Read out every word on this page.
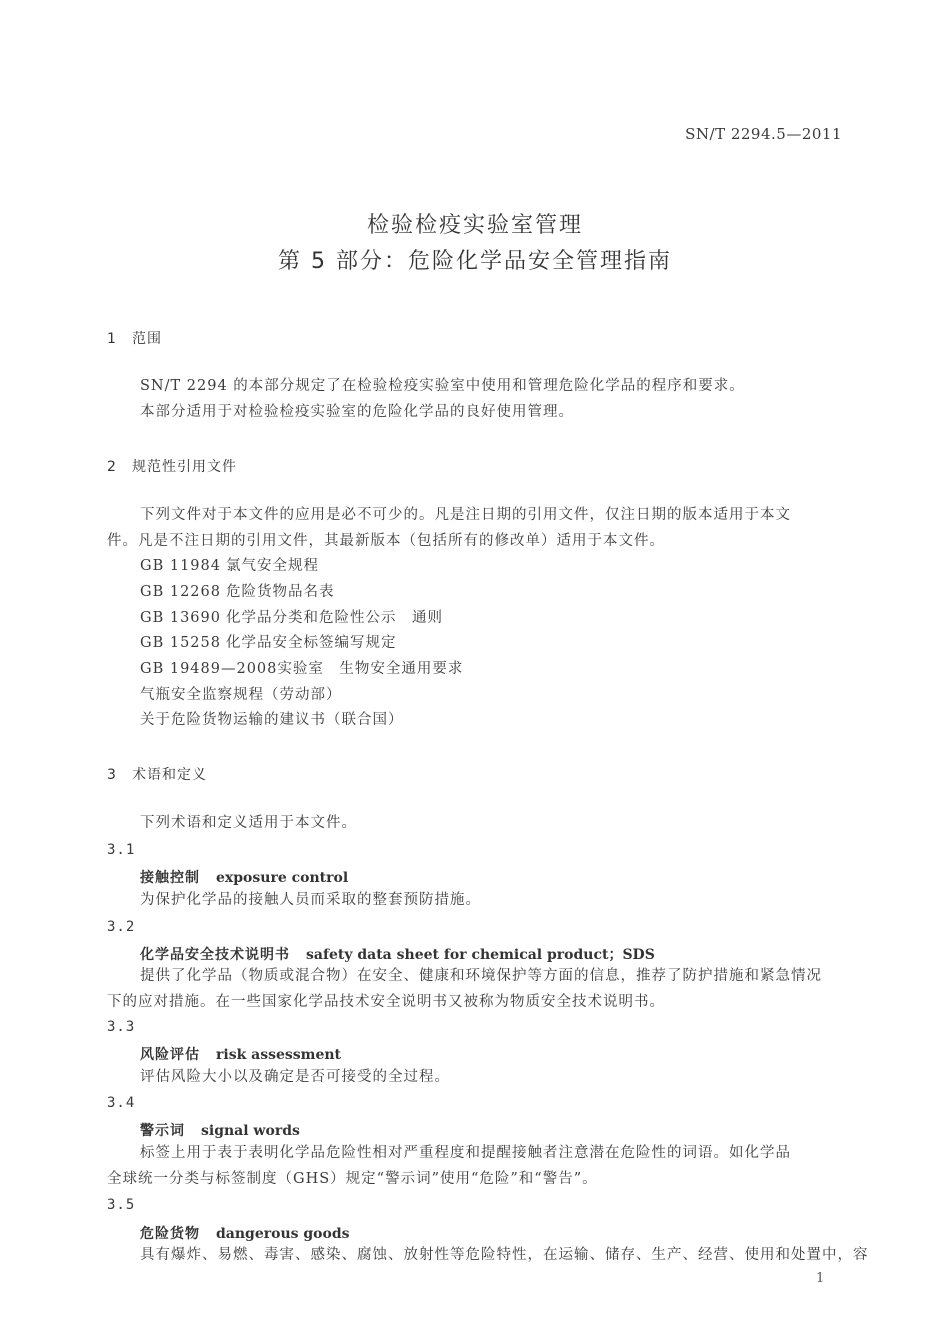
SN/T 2294.5—2011
检验检疫实验室管理
第 5 部分：危险化学品安全管理指南
1 范围
SN/T 2294 的本部分规定了在检验检疫实验室中使用和管理危险化学品的程序和要求。
本部分适用于对检验检疫实验室的危险化学品的良好使用管理。
2 规范性引用文件
下列文件对于本文件的应用是必不可少的。凡是注日期的引用文件，仅注日期的版本适用于本文
件。凡是不注日期的引用文件，其最新版本（包括所有的修改单）适用于本文件。
GB 11984 氯气安全规程
GB 12268 危险货物品名表
GB 13690 化学品分类和危险性公示　通则
GB 15258 化学品安全标签编写规定
GB 19489—2008实验室　生物安全通用要求
气瓶安全监察规程（劳动部）
关于危险货物运输的建议书（联合国）
3 术语和定义
下列术语和定义适用于本文件。
3.1
接触控制 exposure control
为保护化学品的接触人员而采取的整套预防措施。
3.2
化学品安全技术说明书 safety data sheet for chemical product；SDS
提供了化学品（物质或混合物）在安全、健康和环境保护等方面的信息，推荐了防护措施和紧急情况
下的应对措施。在一些国家化学品技术安全说明书又被称为物质安全技术说明书。
3.3
风险评估 risk assessment
评估风险大小以及确定是否可接受的全过程。
3.4
警示词 signal words
标签上用于表于表明化学品危险性相对严重程度和提醒接触者注意潜在危险性的词语。如化学品
全球统一分类与标签制度（GHS）规定“警示词”使用“危险”和“警告”。
3.5
危险货物 dangerous goods
具有爆炸、易燃、毒害、感染、腐蚀、放射性等危险特性，在运输、储存、生产、经营、使用和处置中，容
1
